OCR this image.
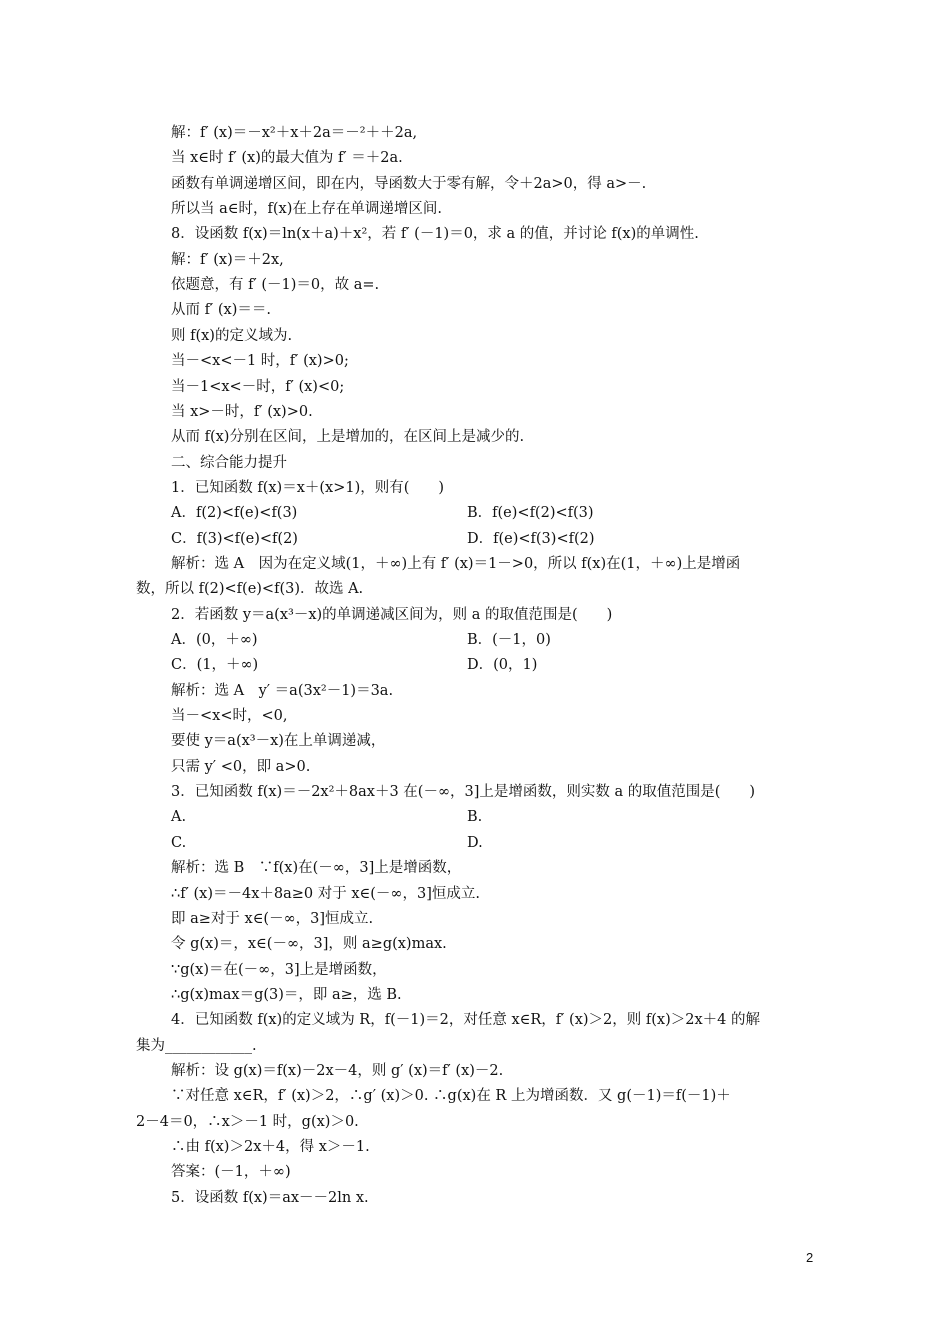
解：f′ (x)＝－x²＋x＋2a＝－²＋＋2a,
当 x∈时 f′ (x)的最大值为 f′ ＝＋2a.
函数有单调递增区间，即在内，导函数大于零有解，令＋2a>0，得 a>－.
所以当 a∈时，f(x)在上存在单调递增区间.
8．设函数 f(x)＝ln(x＋a)＋x²，若 f′ (－1)＝0，求 a 的值，并讨论 f(x)的单调性.
解：f′ (x)＝＋2x,
依题意，有 f′ (－1)＝0，故 a=.
从而 f′ (x)＝＝.
则 f(x)的定义域为.
当－<x<－1 时，f′ (x)>0;
当－1<x<－时，f′ (x)<0;
当 x>－时，f′ (x)>0.
从而 f(x)分别在区间，上是增加的，在区间上是减少的.
二、综合能力提升
1．已知函数 f(x)＝x＋(x>1)，则有(　　)
A．f(2)<f(e)<f(3)	B．f(e)<f(2)<f(3)
C．f(3)<f(e)<f(2)	D．f(e)<f(3)<f(2)
解析：选 A　因为在定义域(1，＋∞)上有 f′ (x)＝1－>0，所以 f(x)在(1，＋∞)上是增函
数，所以 f(2)<f(e)<f(3)．故选 A.
2．若函数 y＝a(x³－x)的单调递减区间为，则 a 的取值范围是(　　)
A．(0，＋∞)	B．(－1，0)
C．(1，＋∞)	D．(0，1)
解析：选 A　y′ ＝a(3x²－1)＝3a.
当－<x<时，<0,
要使 y＝a(x³－x)在上单调递减，
只需 y′ <0，即 a>0.
3．已知函数 f(x)＝－2x²＋8ax＋3 在(－∞，3]上是增函数，则实数 a 的取值范围是(　　)
A.	B.
C.	D.
解析：选 B　∵f(x)在(－∞，3]上是增函数，
∴f′ (x)＝－4x＋8a≥0 对于 x∈(－∞，3]恒成立.
即 a≥对于 x∈(－∞，3]恒成立.
令 g(x)＝，x∈(－∞，3]，则 a≥g(x)max.
∵g(x)＝在(－∞，3]上是增函数，
∴g(x)max＝g(3)＝，即 a≥，选 B.
4．已知函数 f(x)的定义域为 R，f(－1)＝2，对任意 x∈R，f′ (x)＞2，则 f(x)＞2x＋4 的解
集为____________.
解析：设 g(x)＝f(x)－2x－4，则 g′ (x)＝f′ (x)－2.
∵对任意 x∈R，f′ (x)＞2，∴g′ (x)＞0. ∴g(x)在 R 上为增函数．又 g(－1)＝f(－1)＋
2－4＝0，∴x＞－1 时，g(x)＞0.
∴由 f(x)＞2x＋4，得 x＞－1.
答案：(－1，＋∞)
5．设函数 f(x)＝ax－－2ln x.
2
